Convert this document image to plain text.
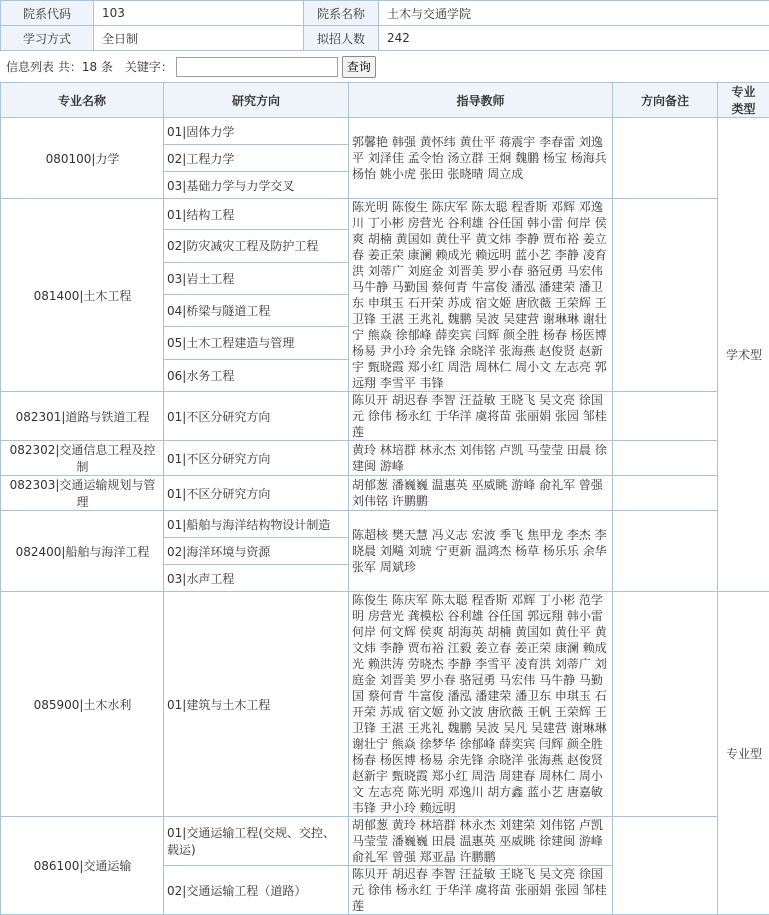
院系代码	103	院系名称	土木与交通学院
学习方式	全日制	拟招人数	242
信息列表 共：18 条 关键字：	查询
专业名称	研究方向	指导教师	方向备注	专业
类型
080100|力学	01|固体力学	郭馨艳 韩强 黄怀纬 黄仕平 蒋震宇 李春雷 刘逸平 刘泽佳 孟令怡 汤立群 王炯 魏鹏 杨宝 杨海兵 杨怡 姚小虎 张田 张晓晴 周立成		学术型
	02|工程力学			
	03|基础力学与力学交叉			
081400|土木工程	01|结构工程	陈光明 陈俊生 陈庆军 陈太聪 程香斯 邓辉 邓逸川 丁小彬 房营光 谷利雄 谷任国 韩小雷 何岸 侯爽 胡楠 黄国如 黄仕平 黄文炜 李静 贾布裕 姜立春 姜正荣 康澜 赖成光 赖远明 蓝小艺 李静 凌育洪 刘蒂广 刘庭金 刘晋美 罗小春 骆冠勇 马宏伟 马牛静 马勤国 蔡何青 牛富俊 潘泓 潘建荣 潘卫东 申琪玉 石开荣 苏成 宿文姬 唐欣薇 王荣辉 王卫锋 王湛 王兆礼 魏鹏 吴波 吴建营 谢琳琳 谢壮宁 熊焱 徐郁峰 薛奕宾 闫辉 颜全胜 杨春 杨医博 杨易 尹小玲 余先锋 余晓洋 张海燕 赵俊贤 赵新宇 甄晓霞 郑小红 周浩 周林仁 周小文 左志亮 郭远翔 李雪平 韦锋		
	02|防灾减灾工程及防护工程			
	03|岩土工程			
	04|桥梁与隧道工程			
	05|土木工程建造与管理			
	06|水务工程			
082301|道路与铁道工程	01|不区分研究方向	陈贝开 胡迟春 李智 汪益敏 王晓飞 吴文亮 徐国元 徐伟 杨永红 于华洋 虞将苗 张丽娟 张园 邹桂莲		
082302|交通信息工程及控制	01|不区分研究方向	黄玲 林培群 林永杰 刘伟铭 卢凯 马莹莹 田晨 徐建闽 游峰		
082303|交通运输规划与管理	01|不区分研究方向	胡郁葱 潘巍巍 温惠英 巫威眺 游峰 俞礼军 曾强 刘伟铭 许鹏鹏		
082400|船舶与海洋工程	01|船舶与海洋结构物设计制造	陈超核 樊天慧 冯义志 宏波 季飞 焦甲龙 李杰 李晓晨 刘飚 刘琥 宁更新 温鸿杰 杨草 杨乐乐 余华 张军 周斌珍		
	02|海洋环境与资源			
	03|水声工程			
085900|土木水利	01|建筑与土木工程	陈俊生 陈庆军 陈太聪 程香斯 邓辉 丁小彬 范学明 房营光 龚模松 谷利雄 谷任国 郭远翔 韩小雷 何岸 何文辉 侯爽 胡海英 胡楠 黄国如 黄仕平 黄文炜 李静 贾布裕 江毅 姜立春 姜正荣 康澜 赖成光 赖洪涛 劳晓杰 李静 李雪平 凌育洪 刘蒂广 刘庭金 刘晋美 罗小春 骆冠勇 马宏伟 马牛静 马勤国 蔡何青 牛富俊 潘泓 潘建荣 潘卫东 申琪玉 石开荣 苏成 宿文姬 孙文波 唐欣薇 王帆 王荣辉 王卫锋 王湛 王兆礼 魏鹏 吴波 吴凡 吴建营 谢琳琳 谢壮宁 熊焱 徐梦华 徐郁峰 薛奕宾 闫辉 颜全胜 杨春 杨医博 杨易 余先锋 余晓洋 张海燕 赵俊贤 赵新宇 甄晓霞 郑小红 周浩 周建春 周林仁 周小文 左志亮 陈光明 邓逸川 胡方鑫 蓝小艺 唐嘉敏 韦锋 尹小玲 赖远明		专业型
086100|交通运输	01|交通运输工程(交规、交控、载运)	胡郁葱 黄玲 林培群 林永杰 刘建荣 刘伟铭 卢凯 马莹莹 潘巍巍 田晨 温惠英 巫威眺 徐建闽 游峰 俞礼军 曾强 郑亚晶 许鹏鹏		
	02|交通运输工程（道路）	陈贝开 胡迟春 李智 汪益敏 王晓飞 吴文亮 徐国元 徐伟 杨永红 于华洋 虞将苗 张丽娟 张园 邹桂莲		
